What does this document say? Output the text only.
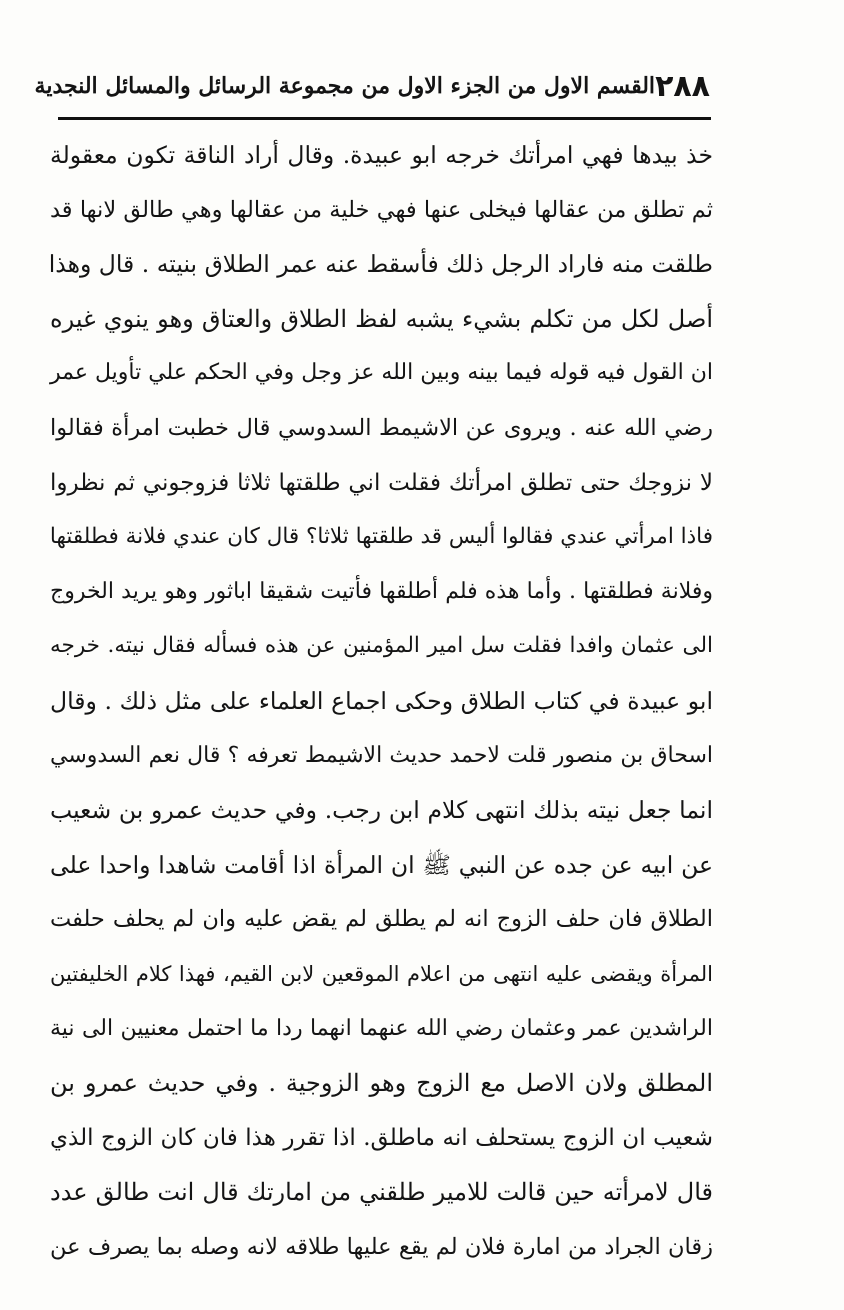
٢٨٨
القسم الاول من الجزء الاول من مجموعة الرسائل والمسائل النجدية
خذ بيدها فهي امرأتك خرجه ابو عبيدة. وقال أراد الناقة تكون معقولة
ثم تطلق من عقالها فيخلى عنها فهي خلية من عقالها وهي طالق لانها قد
طلقت منه فاراد الرجل ذلك فأسقط عنه عمر الطلاق بنيته . قال وهذا
أصل لكل من تكلم بشيء يشبه لفظ الطلاق والعتاق وهو ينوي غيره
ان القول فيه قوله فيما بينه وبين الله عز وجل وفي الحكم علي تأويل عمر
رضي الله عنه . ويروى عن الاشيمط السدوسي قال خطبت امرأة فقالوا
لا نزوجك حتى تطلق امرأتك فقلت اني طلقتها ثلاثا فزوجوني ثم نظروا
فاذا امرأتي عندي فقالوا أليس قد طلقتها ثلاثا؟ قال كان عندي فلانة فطلقتها
وفلانة فطلقتها . وأما هذه فلم أطلقها فأتيت شقيقا اباثور وهو يريد الخروج
الى عثمان وافدا فقلت سل امير المؤمنين عن هذه فسأله فقال نيته. خرجه
ابو عبيدة في كتاب الطلاق وحكى اجماع العلماء على مثل ذلك . وقال
اسحاق بن منصور قلت لاحمد حديث الاشيمط تعرفه ؟ قال نعم السدوسي
انما جعل نيته بذلك انتهى كلام ابن رجب. وفي حديث عمرو بن شعيب
عن ابيه عن جده عن النبي ﷺ ان المرأة اذا أقامت شاهدا واحدا على
الطلاق فان حلف الزوج انه لم يطلق لم يقض عليه وان لم يحلف حلفت
المرأة ويقضى عليه انتهى من اعلام الموقعين لابن القيم، فهذا كلام الخليفتين
الراشدين عمر وعثمان رضي الله عنهما انهما ردا ما احتمل معنيين الى نية
المطلق ولان الاصل مع الزوج وهو الزوجية . وفي حديث عمرو بن
شعيب ان الزوج يستحلف انه ماطلق. اذا تقرر هذا فان كان الزوج الذي
قال لامرأته حين قالت للامير طلقني من امارتك قال انت طالق عدد
زقان الجراد من امارة فلان لم يقع عليها طلاقه لانه وصله بما يصرف عن
